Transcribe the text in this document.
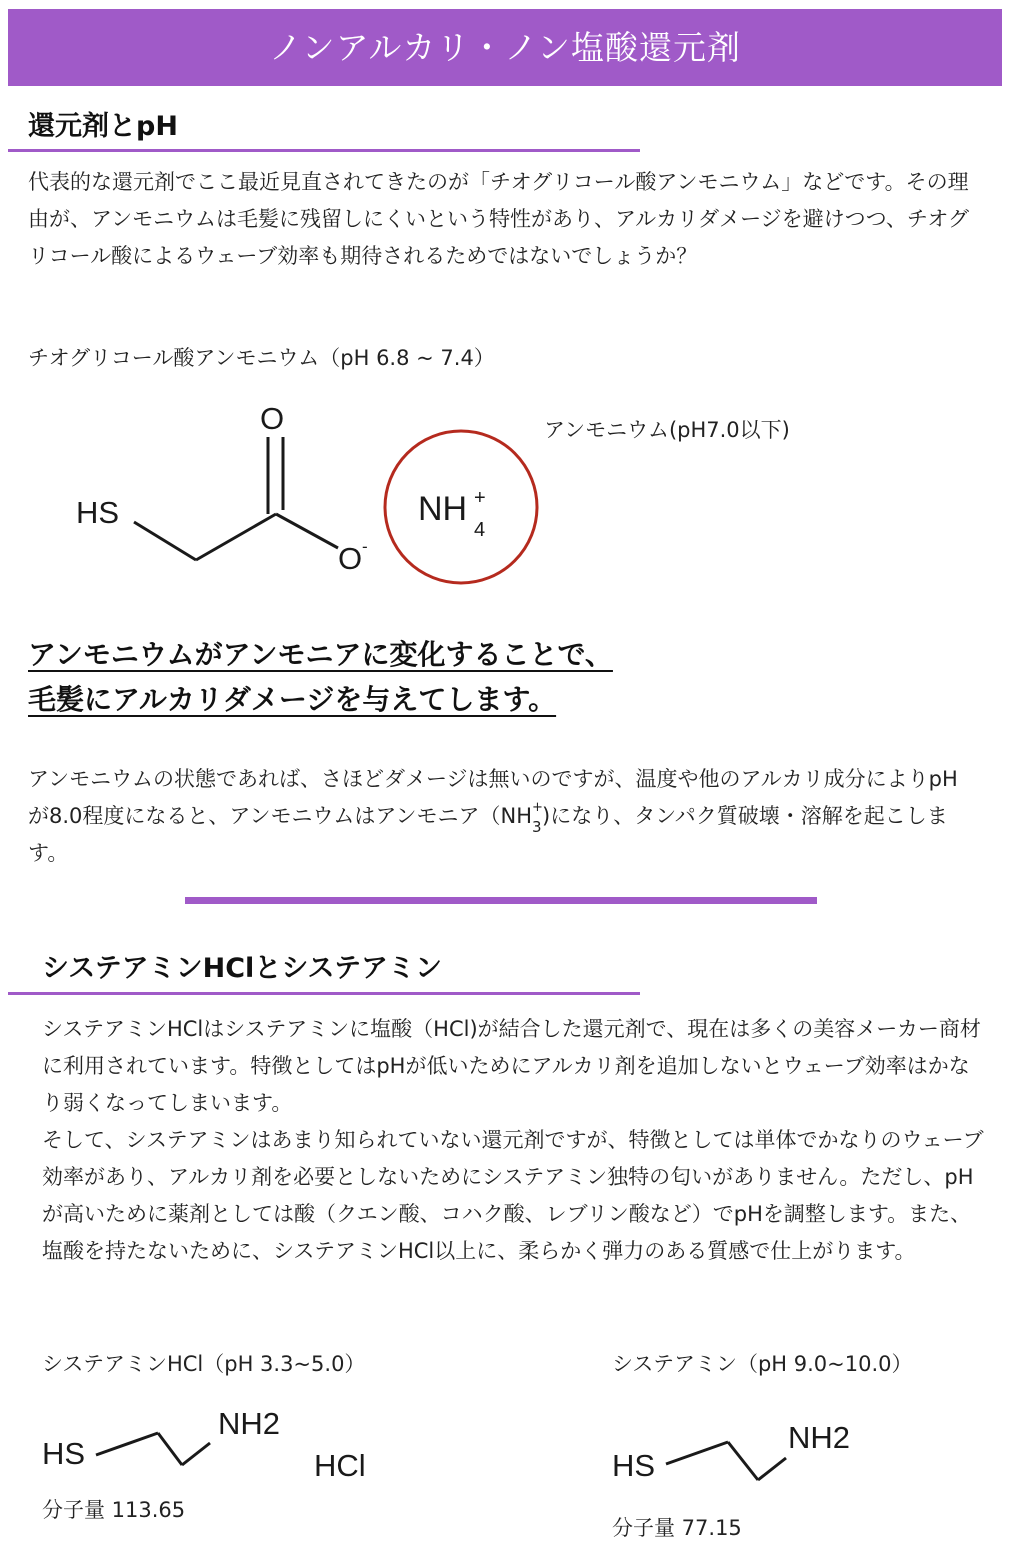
ノンアルカリ・ノン塩酸還元剤
還元剤とpH
代表的な還元剤でここ最近見直されてきたのが「チオグリコール酸アンモニウム」などです。その理由が、アンモニウムは毛髪に残留しにくいという特性があり、アルカリダメージを避けつつ、チオグリコール酸によるウェーブ効率も期待されるためではないでしょうか？
チオグリコール酸アンモニウム（pH 6.8 ~ 7.4）
アンモニウム(pH7.0以下)
O
HS
O -
NH +
4
アンモニウムがアンモニアに変化することで、
毛髪にアルカリダメージを与えてします。
アンモニウムの状態であれば、さほどダメージは無いのですが、温度や他のアルカリ成分によりpHが8.0程度になると、アンモニウムはアンモニア（NH +
3 )になり、タンパク質破壊・溶解を起こします。
システアミンHClとシステアミン
システアミンHClはシステアミンに塩酸（HCl)が結合した還元剤で、現在は多くの美容メーカー商材に利用されています。特徴としてはpHが低いためにアルカリ剤を追加しないとウェーブ効率はかなり弱くなってしまいます。
そして、システアミンはあまり知られていない還元剤ですが、特徴としては単体でかなりのウェーブ効率があり、アルカリ剤を必要としないためにシステアミン独特の匂いがありません。ただし、pHが高いために薬剤としては酸（クエン酸、コハク酸、レブリン酸など）でpHを調整します。また、塩酸を持たないために、システアミンHCl以上に、柔らかく弾力のある質感で仕上がります。
システアミンHCl（pH 3.3~5.0）	システアミン（pH 9.0~10.0）
HS
NH2
HCl
分子量 113.65
HS
NH2
分子量 77.15
